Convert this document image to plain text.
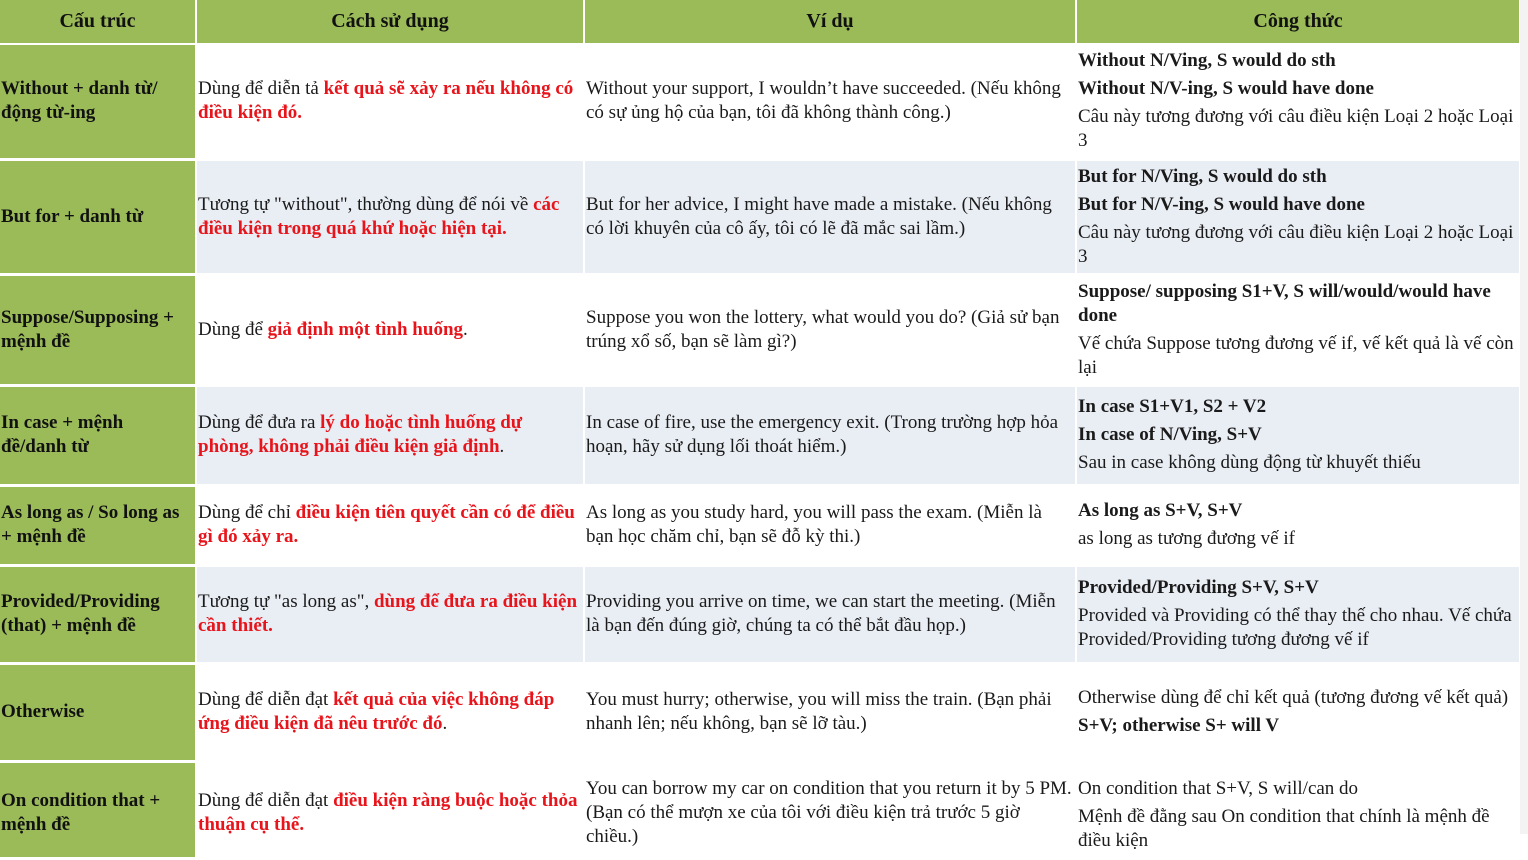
Cấu trúc	Cách sử dụng	Ví dụ	Công thức
Without + danh từ/động từ-ing	Dùng để diễn tả kết quả sẽ xảy ra nếu không có điều kiện đó.	Without your support, I wouldn’t have succeeded. (Nếu không có sự ủng hộ của bạn, tôi đã không thành công.)	Without N/Ving, S would do sth
Without N/V-ing, S would have done
Câu này tương đương với câu điều kiện Loại 2 hoặc Loại 3

But for + danh từ	Tương tự "without", thường dùng để nói về các điều kiện trong quá khứ hoặc hiện tại.	But for her advice, I might have made a mistake. (Nếu không có lời khuyên của cô ấy, tôi có lẽ đã mắc sai lầm.)	But for N/Ving, S would do sth
But for N/V-ing, S would have done
Câu này tương đương với câu điều kiện Loại 2 hoặc Loại 3

Suppose/Supposing + mệnh đề	Dùng để giả định một tình huống.	Suppose you won the lottery, what would you do? (Giả sử bạn trúng xổ số, bạn sẽ làm gì?)	Suppose/ supposing S1+V, S will/would/would have done
Vế chứa Suppose tương đương vế if, vế kết quả là vế còn lại

In case + mệnh đề/danh từ	Dùng để đưa ra lý do hoặc tình huống dự phòng, không phải điều kiện giả định.	In case of fire, use the emergency exit. (Trong trường hợp hỏa hoạn, hãy sử dụng lối thoát hiểm.)	In case S1+V1, S2 + V2
In case of N/Ving, S+V
Sau in case không dùng động từ khuyết thiếu

As long as / So long as + mệnh đề	Dùng để chỉ điều kiện tiên quyết cần có để điều gì đó xảy ra.	As long as you study hard, you will pass the exam. (Miễn là bạn học chăm chỉ, bạn sẽ đỗ kỳ thi.)	As long as S+V, S+V
as long as tương đương vế if

Provided/Providing (that) + mệnh đề	Tương tự "as long as", dùng để đưa ra điều kiện cần thiết.	Providing you arrive on time, we can start the meeting. (Miễn là bạn đến đúng giờ, chúng ta có thể bắt đầu họp.)	Provided/Providing S+V, S+V
Provided và Providing có thể thay thế cho nhau. Vế chứa Provided/Providing tương đương vế if

Otherwise	Dùng để diễn đạt kết quả của việc không đáp ứng điều kiện đã nêu trước đó.	You must hurry; otherwise, you will miss the train. (Bạn phải nhanh lên; nếu không, bạn sẽ lỡ tàu.)	Otherwise dùng để chỉ kết quả (tương đương vế kết quả)
S+V; otherwise S+ will V

On condition that + mệnh đề	Dùng để diễn đạt điều kiện ràng buộc hoặc thỏa thuận cụ thể.	You can borrow my car on condition that you return it by 5 PM. (Bạn có thể mượn xe của tôi với điều kiện trả trước 5 giờ chiều.)	On condition that S+V, S will/can do
Mệnh đề đằng sau On condition that chính là mệnh đề điều kiện
